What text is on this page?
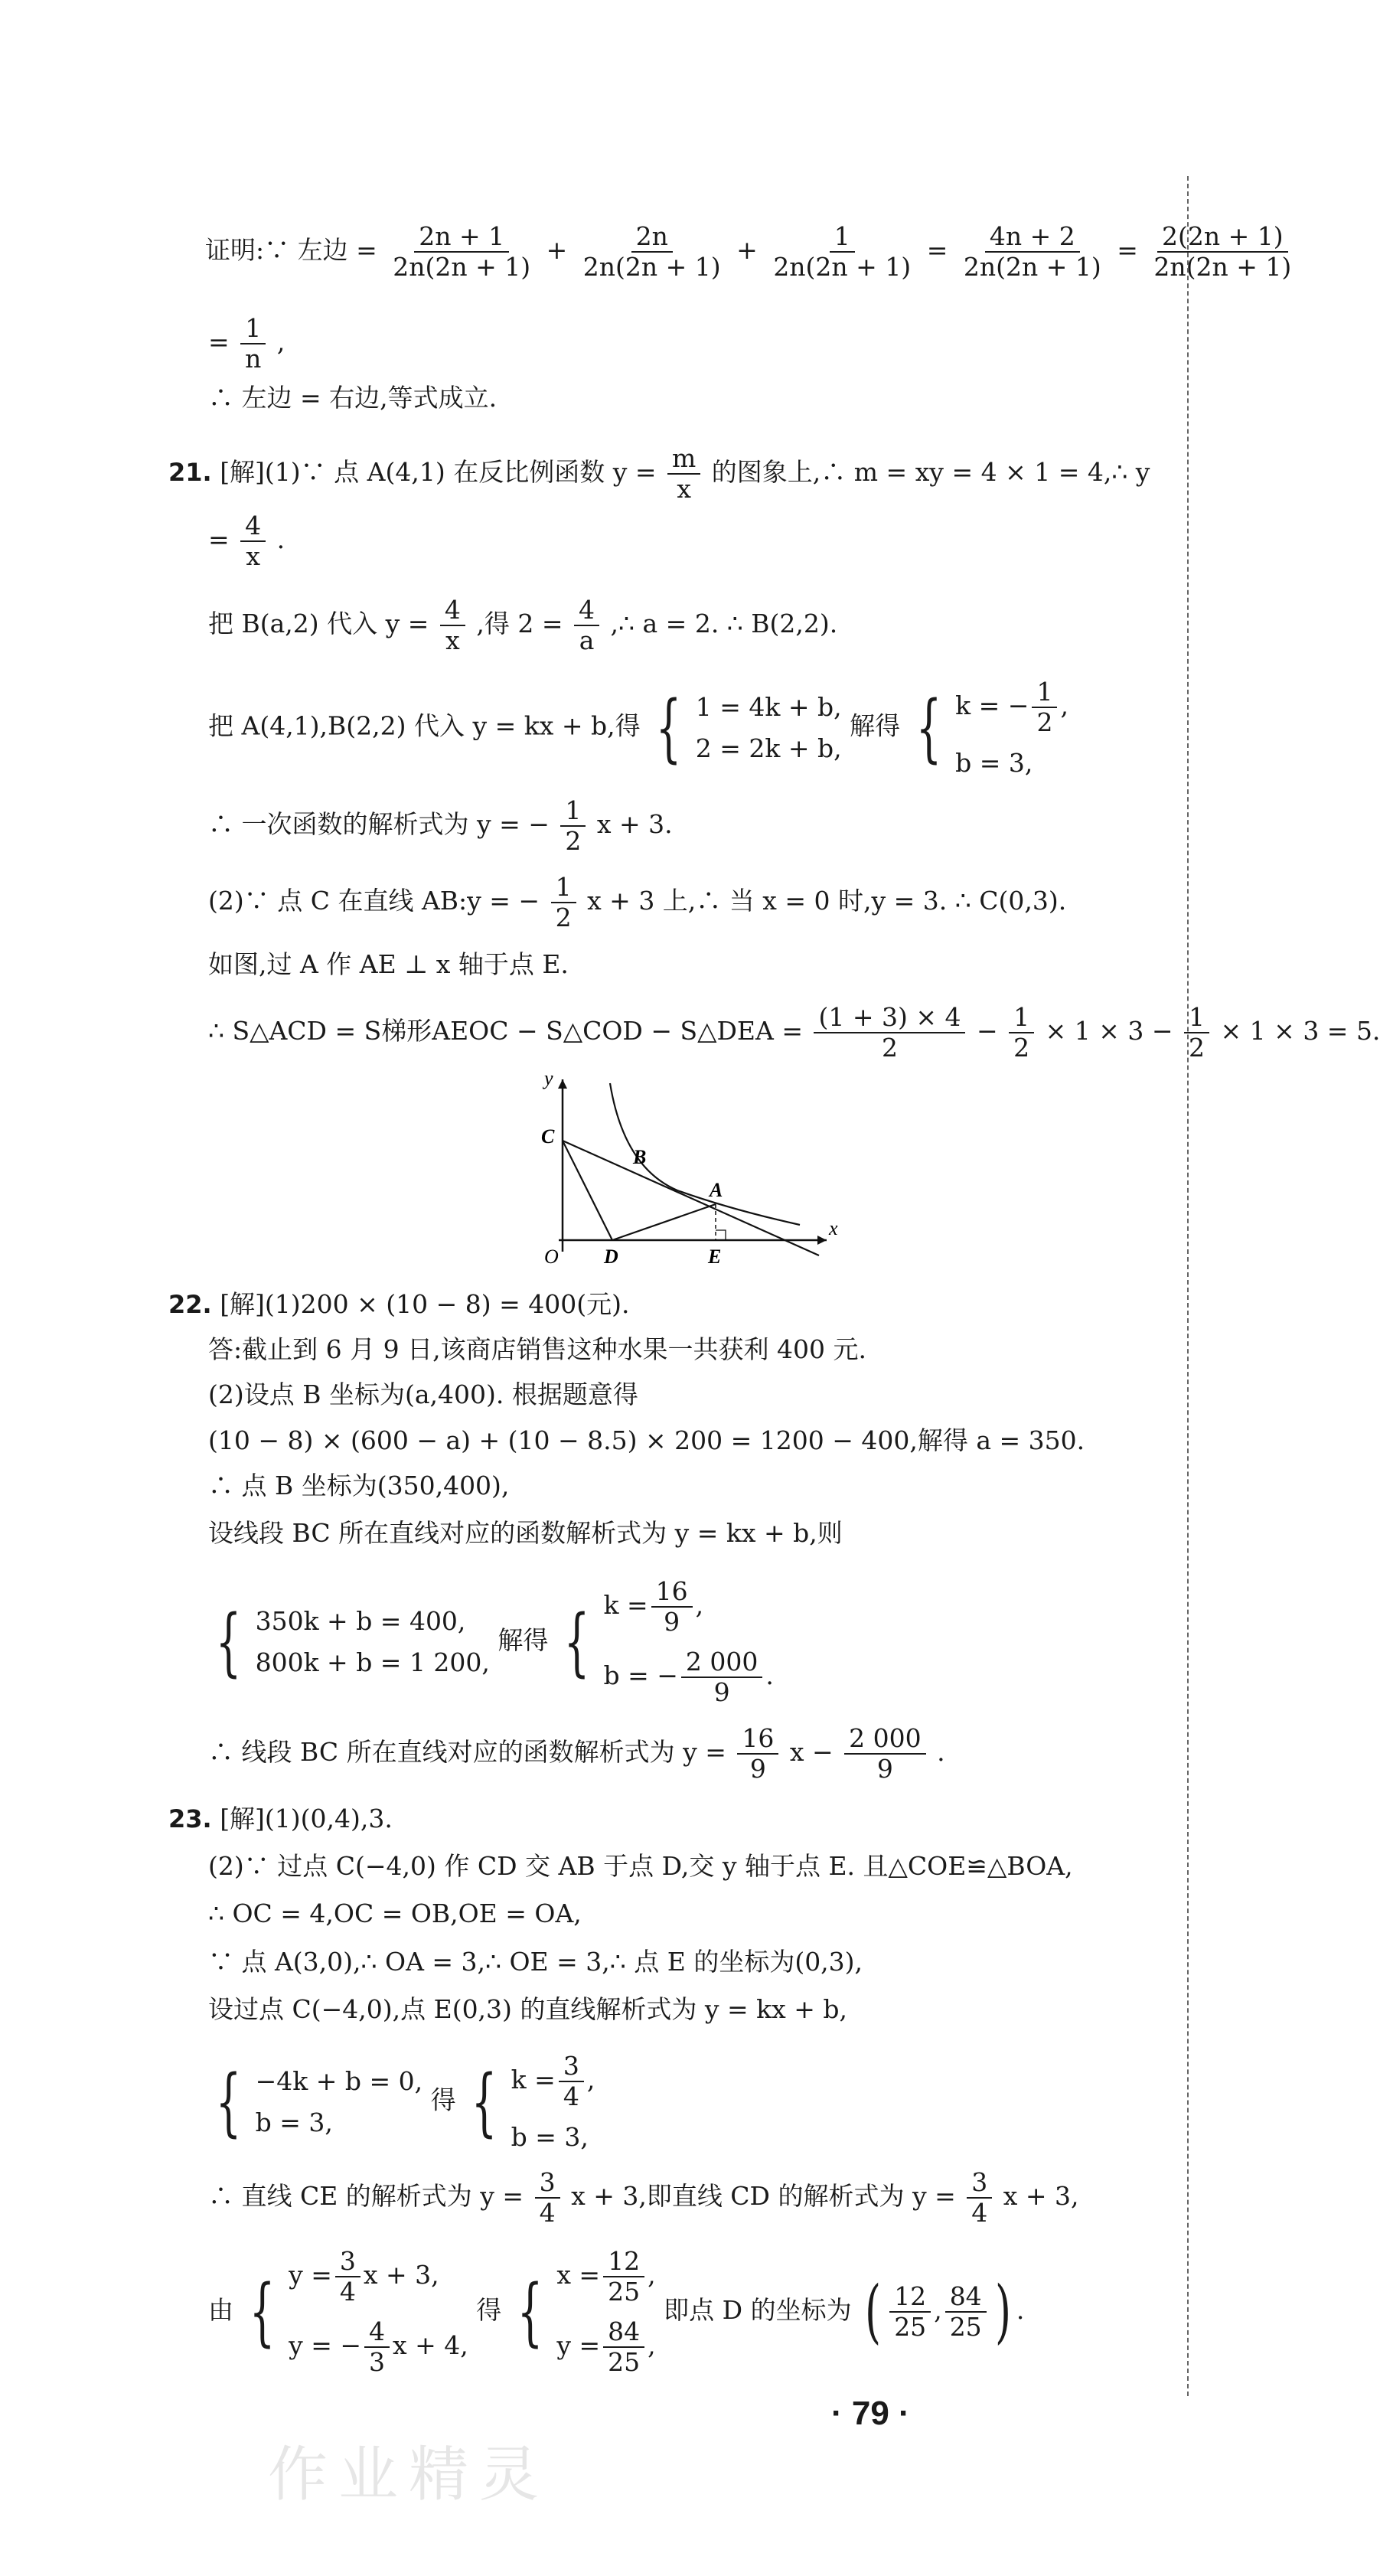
证明:∵ 左边 = $\frac{2n + 1}{2n(2n + 1)} + \frac{2n}{2n(2n + 1)} + \frac{1}{2n(2n + 1)} = \frac{4n + 2}{2n(2n + 1)} = \frac{2(2n + 1)}{2n(2n + 1)}$
= $\frac{1}{n}$ ,
∴ 左边 = 右边,等式成立.
21. [解](1)∵ 点 A(4,1) 在反比例函数 $y = \frac{m}{x}$ 的图象上,∴ m = xy = 4 × 1 = 4,∴ y
= $\frac{4}{x}$ .
把 B(a,2) 代入 $y = \frac{4}{x}$ ,得 $2 = \frac{4}{a}$ ,∴ a = 2. ∴ B(2,2).
把 A(4,1),B(2,2) 代入 y = kx + b,得 { 1 = 4k + b,
2 = 2k + b,
解得 { k = − $\frac{1}{2}$ ,
b = 3,
∴ 一次函数的解析式为 y = − $\frac{1}{2}$ x + 3.
(2)∵ 点 C 在直线 AB:y = − $\frac{1}{2}$ x + 3 上,∴ 当 x = 0 时,y = 3. ∴ C(0,3).
如图,过 A 作 AE ⊥ x 轴于点 E.
∴ S△ACD = S梯形AEOC − S△COD − S△DEA = $\frac{(1 + 3) \times 4}{2} - \frac{1}{2} \times 1 \times 3 - \frac{1}{2} \times 1 \times 3 = 5$.
y
x
O
C
B
A
D	E
22. [解](1)200 × (10 − 8) = 400(元).
答:截止到 6 月 9 日,该商店销售这种水果一共获利 400 元.
(2)设点 B 坐标为(a,400). 根据题意得
(10 − 8) × (600 − a) + (10 − 8.5) × 200 = 1200 − 400,解得 a = 350.
∴ 点 B 坐标为(350,400),
设线段 BC 所在直线对应的函数解析式为 y = kx + b,则
{ 350k + b = 400,
800k + b = 1 200,
解得 { $k = \frac{16}{9}$ ,
b = − $\frac{2 000}{9}$ .
∴ 线段 BC 所在直线对应的函数解析式为 $y = \frac{16}{9}$ $x - \frac{2 000}{9}$ .
23. [解](1)(0,4),3.
(2)∵ 过点 C(−4,0) 作 CD 交 AB 于点 D,交 y 轴于点 E. 且△COE≌△BOA,
∴ OC = 4,OC = OB,OE = OA,
∵ 点 A(3,0),∴ OA = 3,∴ OE = 3,∴ 点 E 的坐标为(0,3),
设过点 C(−4,0),点 E(0,3) 的直线解析式为 y = kx + b,
{ −4k + b = 0,
b = 3,
得 { $k = \frac{3}{4}$ ,
b = 3,
∴ 直线 CE 的解析式为 $y = \frac{3}{4}$ x + 3,即直线 CD 的解析式为 $y = \frac{3}{4}$ x + 3,
由 { $y = \frac{3}{4}$ x + 3,
y = − $\frac{4}{3}$ x + 4,
得 { $x = \frac{12}{25}$ ,
$y = \frac{84}{25}$ ,
即点 D 的坐标为 ( $\frac{12}{25}$ , $\frac{84}{25}$ ) .
· 79 ·
作业精灵
